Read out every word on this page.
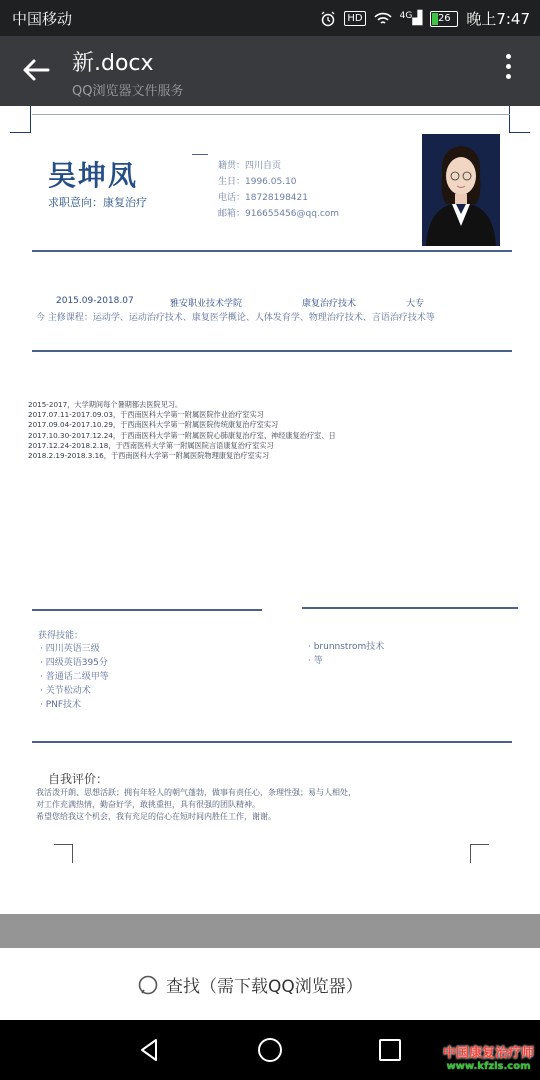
中国移动	HD	$^{4G}$▟	26	晚上7:47
新.docx
QQ浏览器文件服务
吴坤凤
求职意向：康复治疗
籍贯：四川自贡
生日：1996.05.10
电话：18728198421
邮箱：916655456@qq.com
2015.09-2018.07	雅安职业技术学院	康复治疗技术	大专
今 主修课程：运动学、运动治疗技术、康复医学概论、人体发育学、物理治疗技术、言语治疗技术等
2015-2017，大学期间每个暑期都去医院见习。
2017.07.11-2017.09.03，于西南医科大学第一附属医院作业治疗室实习
2017.09.04-2017.10.29，于西南医科大学第一附属医院传统康复治疗室实习
2017.10.30-2017.12.24，于西南医科大学第一附属医院心肺康复治疗室、神经康复治疗室、日
2017.12.24-2018.2.18，于西南医科大学第一附属医院言语康复治疗室实习
2018.2.19-2018.3.16，于西南医科大学第一附属医院物理康复治疗室实习
获得技能：
· 四川英语三级
· 四级英语395分
· 普通话二级甲等
· 关节松动术
· PNF技术
· brunnstrom技术
· 等
自我评价：
我活泼开朗、思想活跃；拥有年轻人的朝气蓬勃，做事有责任心，条理性强；易与人相处，
对工作充满热情，勤奋好学，敢挑重担，具有很强的团队精神。
希望您给我这个机会，我有充足的信心在短时间内胜任工作，谢谢。
查找（需下载QQ浏览器）
中国康复治疗师
www.kfzls.com
